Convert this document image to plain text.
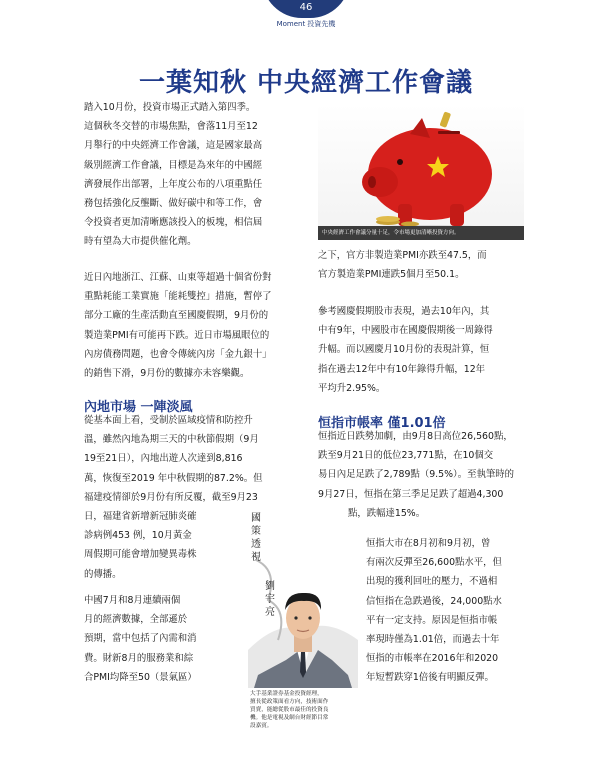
46
Moment 投資先機
一葉知秋 中央經濟工作會議
踏入10月份，投資市場正式踏入第四季。
這個秋冬交替的市場焦點，會落11月至12
月舉行的中央經濟工作會議，這是國家最高
級別經濟工作會議，目標是為來年的中國經
濟發展作出部署，上年度公布的八項重點任
務包括強化反壟斷、做好碳中和等工作，會
令投資者更加清晰應該投入的板塊，相信屆
時有望為大市提供催化劑。
近日內地浙江、江蘇、山東等超過十個省份對
重點耗能工業實施「能耗雙控」措施，暫停了
部分工廠的生產活動直至國慶假期，9月份的
製造業PMI有可能再下跌。近日市場風眼位的
內房債務問題，也會令傳統內房「金九銀十」
的銷售下滑，9月份的數據亦未容樂觀。
內地市場 一陣淡風
從基本面上看，受制於區域疫情和防控升
溫，雖然內地為期三天的中秋節假期（9月
19至21日），內地出遊人次達到8,816
萬，恢復至2019 年中秋假期的87.2%。但
福建疫情卻於9月份有所反覆，截至9月23
日，福建省新增新冠肺炎確
診病例453 例，10月黃金
周假期可能會增加變異毒株
的傳播。
中國7月和8月連續兩個
月的經濟數據，全部遜於
預期，當中包括了內需和消
費。財新8月的服務業和綜
合PMI均降至50（景氣區）
中央經濟工作會議分量十足，令市場更加清晰投資方向。
之下，官方非製造業PMI亦跌至47.5，而
官方製造業PMI連跌5個月至50.1。
參考國慶假期股市表現，過去10年內，其
中有9年，中國股市在國慶假期後一周錄得
升幅。而以國慶月10月份的表現計算，恒
指在過去12年中有10年錄得升幅，12年
平均升2.95%。
恒指市帳率 僅1.01倍
恒指近日跌勢加劇，由9月8日高位26,560點，
跌至9月21日的低位23,771點，在10個交
易日內足足跌了2,789點（9.5%）。至執筆時的
9月27日，恒指在第三季足足跌了超過4,300
點，跌幅達15%。
恒指大市在8月初和9月初，曾
有兩次反彈至26,600點水平，但
出現的獲利回吐的壓力，不過相
信恒指在急跌過後，24,000點水
平有一定支持。原因是恒指市帳
率現時僅為1.01倍，而過去十年
恒指的市帳率在2016年和2020
年短暫跌穿1倍後有明顯反彈。
國策透視
劉宇亮
大手基業證券基金投資經理，
擅長從政策面看方向，技術面作
買賣，能總從股市最佳的投資良
機。他是電視及網台財經節目常
設嘉賓。
